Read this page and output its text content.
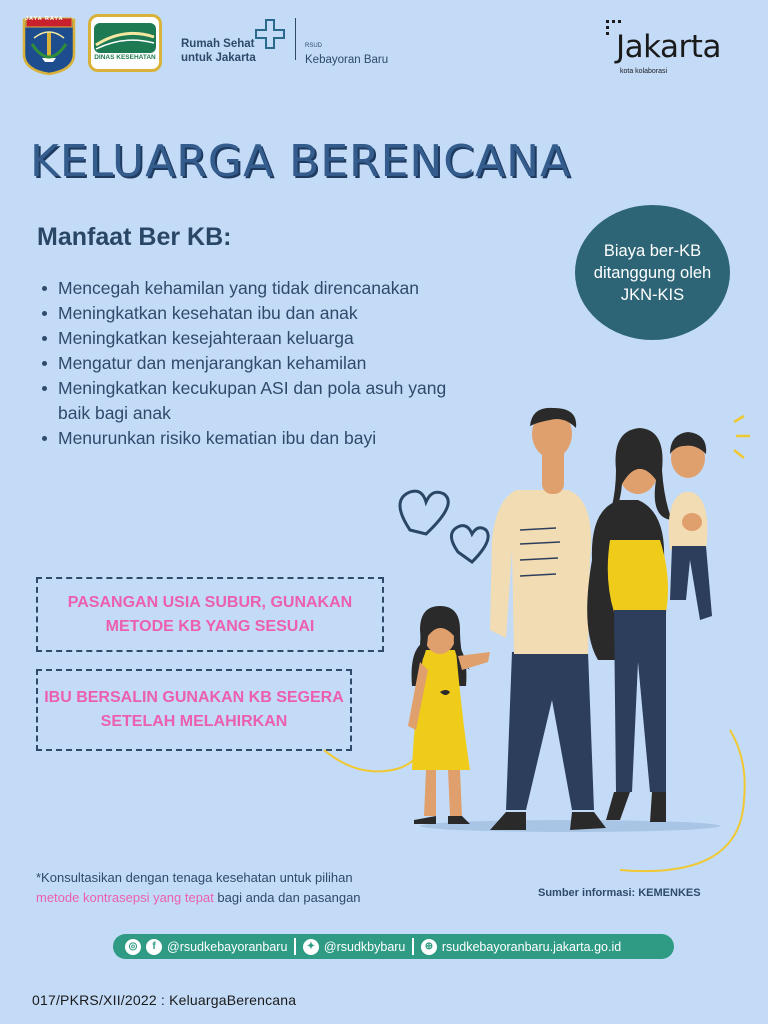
JAYA RAYA
DINAS KESEHATAN
Rumah Sehat
untuk Jakarta
RSUD
Kebayoran Baru	Jakarta
kota kolaborasi
KELUARGA BERENCANA
Manfaat Ber KB:
Mencegah kehamilan yang tidak direncanakan
Meningkatkan kesehatan ibu dan anak
Meningkatkan kesejahteraan keluarga
Mengatur dan menjarangkan kehamilan
Meningkatkan kecukupan ASI dan pola asuh yang baik bagi anak
Menurunkan risiko kematian ibu dan bayi
Biaya ber-KB ditanggung oleh JKN-KIS
PASANGAN USIA SUBUR, GUNAKAN METODE KB YANG SESUAI
IBU BERSALIN GUNAKAN KB SEGERA SETELAH MELAHIRKAN
*Konsultasikan dengan tenaga kesehatan untuk pilihan
metode kontrasepsi yang tepat bagi anda dan pasangan	Sumber informasi: KEMENKES
◎	f @rsudkebayoranbaru	✦ @rsudkbybaru	⊕ rsudkebayoranbaru.jakarta.go.id
017/PKRS/XII/2022 : KeluargaBerencana
